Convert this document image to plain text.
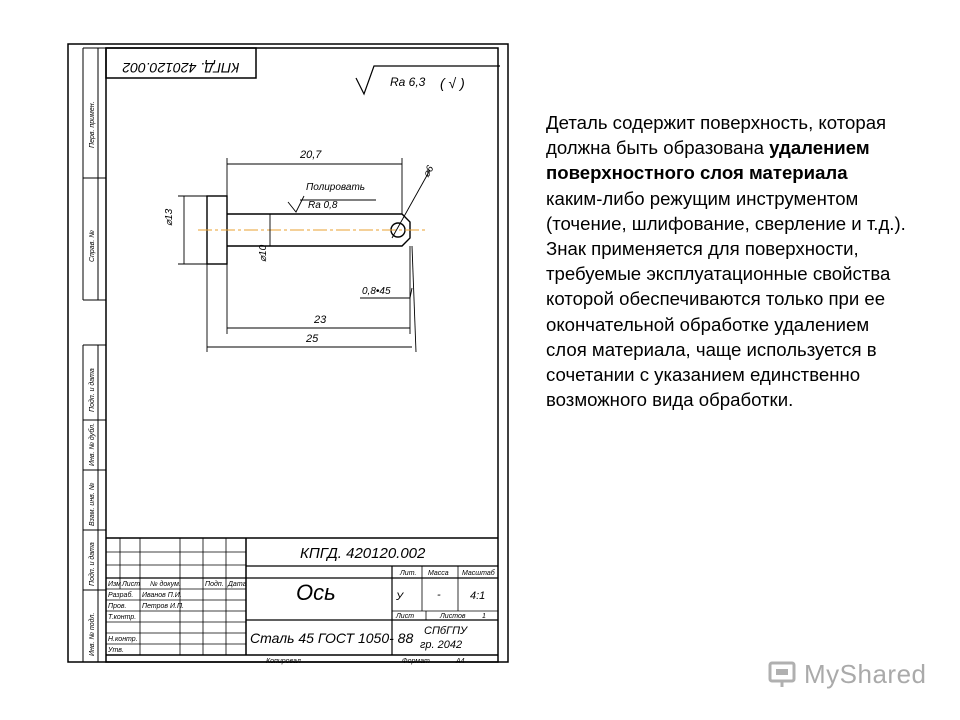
Перв. примен.
Справ. №
Подп. и дата
Инв. № дубл.
Взам. инв. №
Подп. и дата
Инв. № подл.
КПГД. 420120.002
Ra 6,3 ( √ )
20,7
23
25
Полировать
Ra 0,8
0,8•45
⌀13
⌀10
⌀6
КПГД. 420120.002
Изм Лист № докум.	Подп. Дата
Разраб. Иванов П.И.
Пров. Петров И.П.
Т.контр.
Н.контр.
Утв.
Ось
Сталь 45 ГОСТ 1050- 88
Лит. Масса Масштаб
У	-	4:1
Лист	Листов 1
СПбГПУ
гр. 2042
Копировал	Формат	А4
Деталь содержит поверхность, которая должна быть образована удалением поверхностного слоя материала каким-либо режущим инструментом (точение, шлифование, сверление и т.д.). Знак применяется для поверхности, требуемые эксплуатационные свойства которой обеспечиваются только при ее окончательной обработке удалением слоя материала, чаще используется в сочетании с указанием единственно возможного вида обработки.
MyShared
